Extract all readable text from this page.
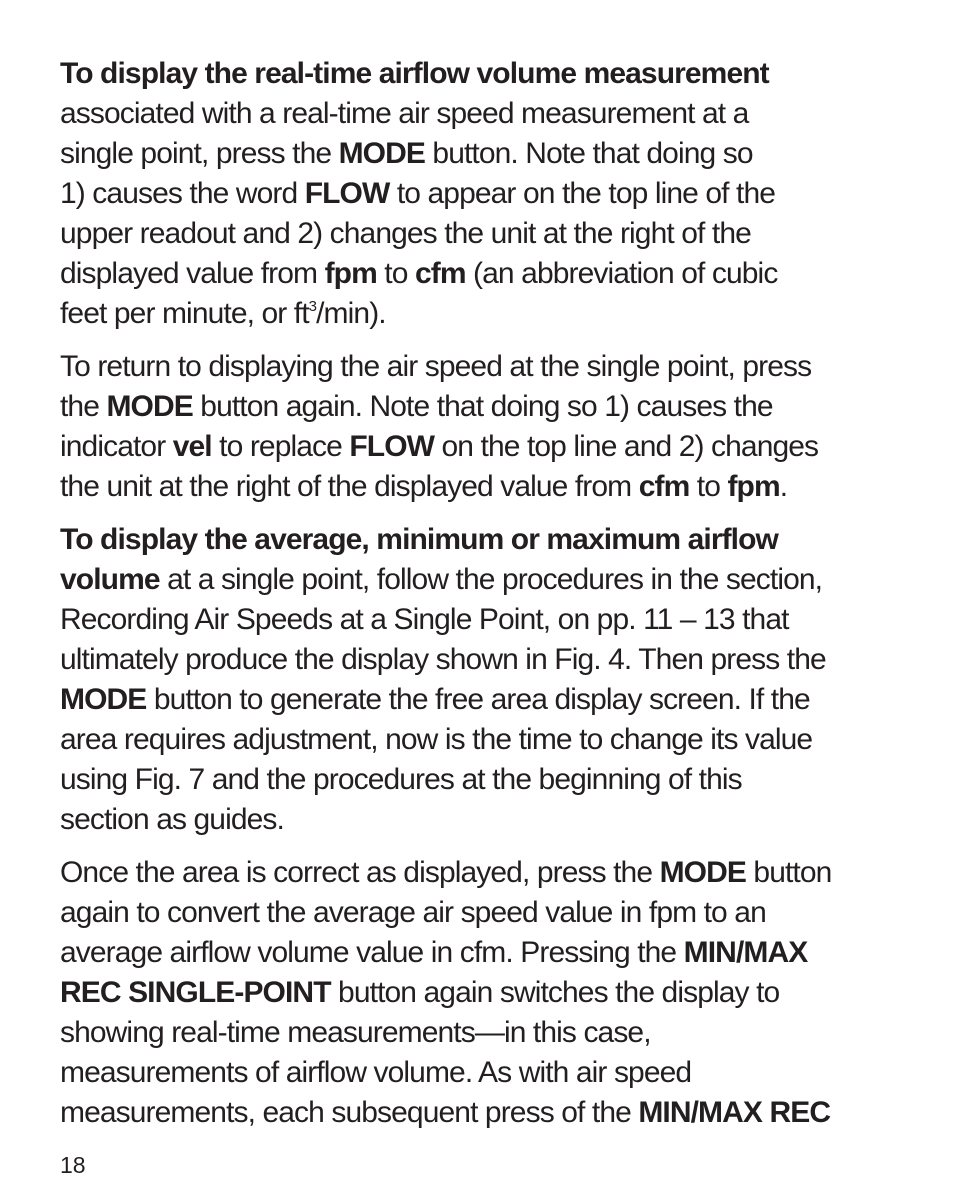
To display the real-time airflow volume measurement
associated with a real-time air speed measurement at a
single point, press the MODE button. Note that doing so
1) causes the word FLOW to appear on the top line of the
upper readout and 2) changes the unit at the right of the
displayed value from fpm to cfm (an abbreviation of cubic
feet per minute, or $ft^3/\min$).
To return to displaying the air speed at the single point, press
the MODE button again. Note that doing so 1) causes the
indicator vel to replace FLOW on the top line and 2) changes
the unit at the right of the displayed value from cfm to fpm.
To display the average, minimum or maximum airflow
volume at a single point, follow the procedures in the section,
Recording Air Speeds at a Single Point, on pp. 11 – 13 that
ultimately produce the display shown in Fig. 4. Then press the
MODE button to generate the free area display screen. If the
area requires adjustment, now is the time to change its value
using Fig. 7 and the procedures at the beginning of this
section as guides.
Once the area is correct as displayed, press the MODE button
again to convert the average air speed value in fpm to an
average airflow volume value in cfm. Pressing the MIN/MAX
REC SINGLE-POINT button again switches the display to
showing real-time measurements—in this case,
measurements of airflow volume. As with air speed
measurements, each subsequent press of the MIN/MAX REC
18
